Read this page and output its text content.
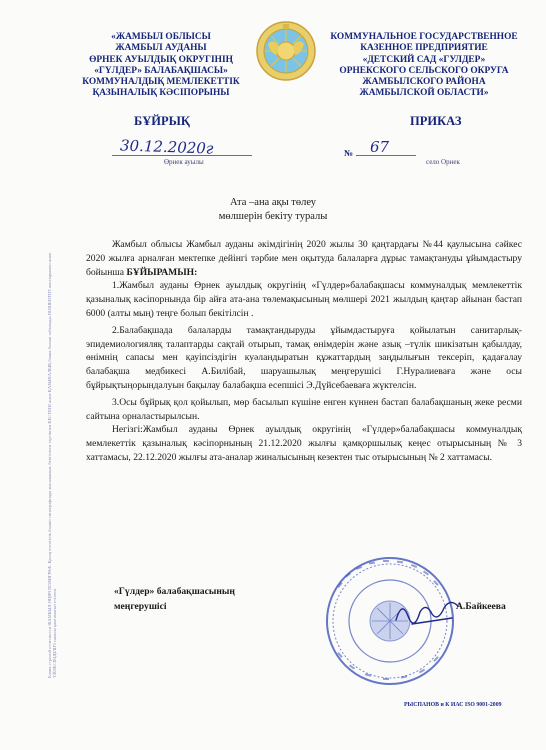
«ЖАМБЫЛ ОБЛЫСЫ
ЖАМБЫЛ АУДАНЫ
ӨРНЕК АУЫЛДЫҚ ОКРУГІНІҢ
«ГҮЛДЕР» БАЛАБАҚШАСЫ»
КОММУНАЛДЫҚ МЕМЛЕКЕТТІК
ҚАЗЫНАЛЫҚ КӘСІПОРЫНЫ
КОММУНАЛЬНОЕ ГОСУДАРСТВЕННОЕ
КАЗЕННОЕ ПРЕДПРИЯТИЕ
«ДЕТСКИЙ САД «ГУЛДЕР»
ОРНЕКСКОГО СЕЛЬСКОГО ОКРУГА
ЖАМБЫЛСКОГО РАЙОНА
ЖАМБЫЛСКОЙ ОБЛАСТИ»
БҰЙРЫҚ	ПРИКАЗ
30.12.2020г
Өрнек ауылы
№ 67
село Орнек
Бланк строгой отчетности ЖАМБЫЛ ӨҢІРІ ПОЛИГРАФ. Қатаң есептілік бланкі типографияда жасалынып, бекітілген тәртіппен КЕСТЕНІ және ҚАЗЫНАЛЫҚ бланк болып табылады ПОШЕНТІГІ жоспарымен және ҮЙЛЕСІМДІЛІГІ сапасы қамтамасыз етілген
Ата –ана ақы төлеу
мөлшерін бекіту туралы

Жамбыл облысы Жамбыл ауданы әкімдігінің 2020 жылы 30 қаңтардағы №44 қаулысына сәйкес 2020 жылға арналған мектепке дейінгі тәрбие мен оқытуда балаларға дұрыс тамақтануды ұйымдастыру бойынша БҰЙЫРАМЫН:

1.Жамбыл ауданы Өрнек ауылдық округінің «Гүлдер»балабақшасы коммуналдық мемлекеттік қазыналық кәсіпорнында бір айға ата-ана төлемақысының мөлшері 2021 жылдың қаңтар айынан бастап 6000 (алты мың) теңге болып бекітілсін .

2.Балабақшада балаларды тамақтандыруды ұйымдастыруға қойылатын санитарлық-эпидемиологияляқ талаптарды сақтай отырып, тамақ өнімдерін және азық –түлік шикізатын қабылдау, өнімнің сапасы мен қауіпсіздігін куәландыратын құжаттардың заңдылығын тексеріп, қадағалау балабақша медбикесі А.Билібай, шаруашылық меңгерушісі Г.Нуралиеваға және осы бұйрықтыңорындалуын бақылау балабақша есепшісі Э.Дүйсебаеваға жүктелсін.

3.Осы бұйрық қол қойылып, мөр басылып күшіне енген күннен бастап балабақшаның жеке ресми сайтына орналастырылсын.

Негізгі:Жамбыл ауданы Өрнек ауылдық округінің «Гүлдер»балабақшасы коммуналдық мемлекеттік қазыналық кәсіпорнының 21.12.2020 жылғы қамқоршылық кеңес отырысының № 3 хаттамасы, 22.12.2020 жылғы ата-аналар жиналысының кезектен тыс отырысының № 2 хаттамасы.

«Гүлдер» балабақшасының
меңгерушісі	А.Байкеева
РЫСПАНОВ и К ИАС ISO 9001-2009
